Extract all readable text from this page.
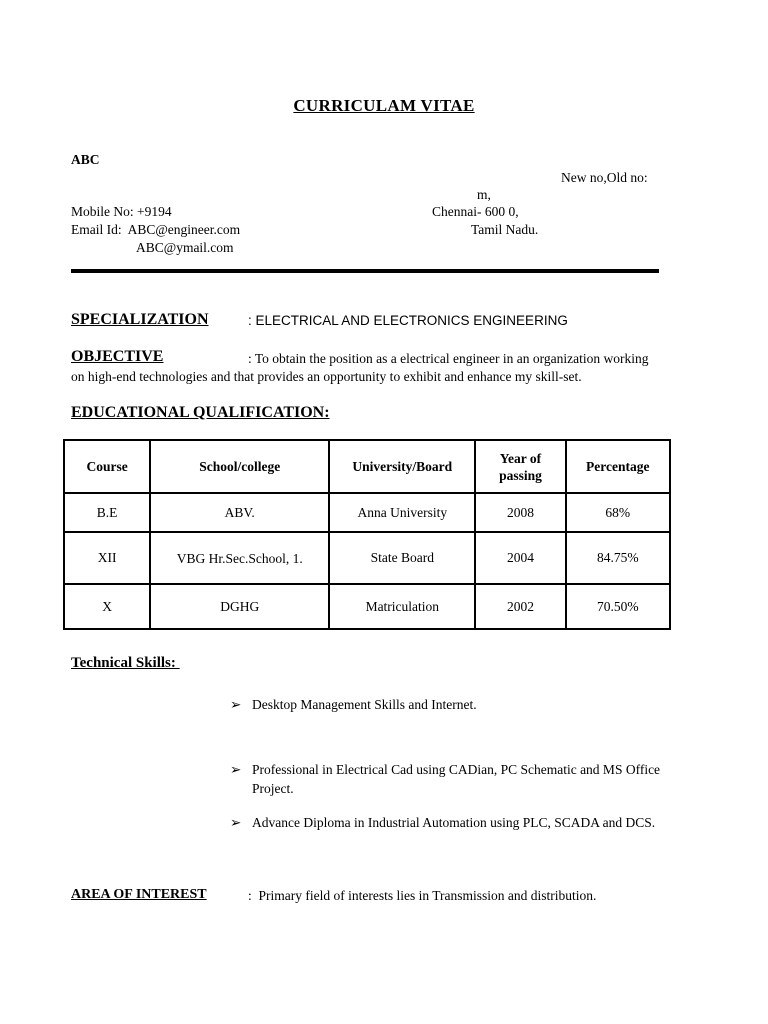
CURRICULAM VITAE
ABC
New no,Old no:
m,
Chennai- 600 0,
Tamil Nadu.
Mobile No: +9194
Email Id:  ABC@engineer.com
ABC@ymail.com
SPECIALIZATION	: ELECTRICAL AND ELECTRONICS ENGINEERING
OBJECTIVE	: To obtain the position as a electrical engineer in an organization working
on high-end technologies and that provides an opportunity to exhibit and enhance my skill-set.
EDUCATIONAL QUALIFICATION:
Course	School/college	University/Board	Year of passing	Percentage
B.E	ABV.	Anna University	2008	68%
XII	VBG Hr.Sec.School, 1.	State Board	2004	84.75%
X	DGHG	Matriculation	2002	70.50%
Technical Skills:
➢ Desktop Management Skills and Internet.
➢ Professional in Electrical Cad using CADian, PC Schematic and MS Office Project.
➢ Advance Diploma in Industrial Automation using PLC, SCADA and DCS.
AREA OF INTEREST	:  Primary field of interests lies in Transmission and distribution.
